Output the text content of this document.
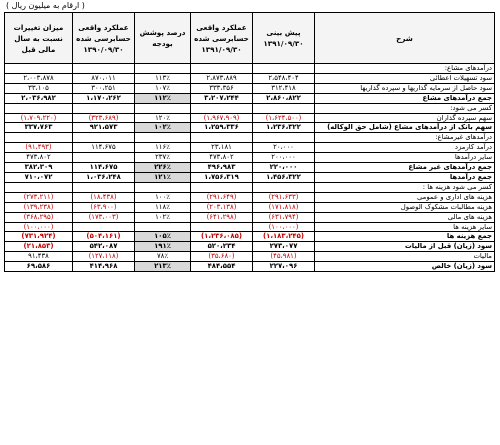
( ارقام به میلیون ریال )
شرح	پیش بینی ۱۳۹۱/۰۹/۳۰	عملکرد واقعی حسابرسی شده ۱۳۹۱/۰۹/۳۰	درصد پوشش بودجه	عملکرد واقعی حسابرسی شده ۱۳۹۰/۰۹/۳۰	میزان تغییرات نسبت به سال مالی قبل
درآمدهای مشاع:					
سود تسهیلات اعطائی	۲،۵۴۸،۴۰۴	۲،۸۷۳،۸۸۹	۱۱۳٪	۸۷۰،۰۱۱	۲،۰۰۳،۸۷۸
سود حاصل از سرمایه گذاریها و سپرده گذاریها	۳۱۲،۴۱۸	۳۳۳،۳۵۶	۱۰۷٪	۳۰۰،۲۵۱	۳۳،۱۰۵
جمع درآمدهای مشاع	۲،۸۶۰،۸۲۲	۳،۲۰۷،۲۴۴	۱۱۲٪	۱،۱۷۰،۲۶۲	۲،۰۳۶،۹۸۲
کسر می شود:					
سهم سپرده گذاران	(۱،۶۲۴،۵۰۰)	(۱،۹۶۷،۹۰۹)	۱۲۰٪	(۳۲۳،۶۸۹)	(۱،۷۰۹،۲۲۰)
سهم بانک از درآمدهای مشاع (شامل حق الوکاله)	۱،۲۳۶،۳۲۲	۱،۲۵۹،۳۳۶	۱۰۲٪	۹۲۱،۵۷۳	۳۳۷،۷۶۳
درآمدهای غیرمشاع:					
درآمد کارمزد	۲۰،۰۰۰	۲۳،۱۸۱	۱۱۶٪	۱۱۴،۶۷۵	(۹۱،۴۹۳)
سایر درآمدها	۲۰۰،۰۰۰	۴۷۳،۸۰۲	۲۳۷٪		۴۷۳،۸۰۲
جمع درآمدهای غیر مشاع	۲۲۰،۰۰۰	۴۹۶،۹۸۳	۲۲۶٪	۱۱۴،۶۷۵	۳۸۲،۳۰۹
جمع درآمدها	۱،۴۵۶،۳۲۲	۱،۷۵۶،۳۱۹	۱۲۱٪	۱،۰۳۶،۲۴۸	۷۱۰،۰۷۲
کسر می شود هزینه ها :					
هزینه های اداری و عمومی	(۲۹۱،۶۳۳)	(۲۹۱،۶۴۹)	۱۰۰٪	(۱۸،۴۳۸)	(۲۷۳،۲۱۱)
هزینه مطالبات مشکوک الوصول	(۱۷۱،۸۱۸)	(۲۰۳،۱۳۸)	۱۱۸٪	(۶۳،۹۰۰)	(۱۳۹،۲۳۸)
هزینه های مالی	(۶۳۱،۷۹۴)	(۶۴۱،۲۹۸)	۱۰۲٪	(۱۷۳،۰۰۳)	(۳۶۸،۲۹۵)
سایر هزینه ها	(۱۰۰،۰۰۰)				(۱۰۰،۰۰۰)
جمع هزینه ها	(۱،۱۸۳،۲۴۵)	(۱،۲۳۶،۰۸۵)	۱۰۵٪	(۵۰۴،۱۶۱)	(۷۳۱،۹۲۴)
سود (زیان) قبل از مالیات	۲۷۳،۰۷۷	۵۲۰،۲۳۴	۱۹۱٪	۵۴۲،۰۸۷	(۲۱،۸۵۳)
مالیات	(۴۵،۹۸۱)	(۳۵،۶۸۰)	۷۸٪	(۱۲۷،۱۱۸)	۹۱،۴۳۸
سود (زیان) خالص	۲۲۷،۰۹۶	۴۸۴،۵۵۴	۲۱۳٪	۴۱۴،۹۶۸	۶۹،۵۸۶
